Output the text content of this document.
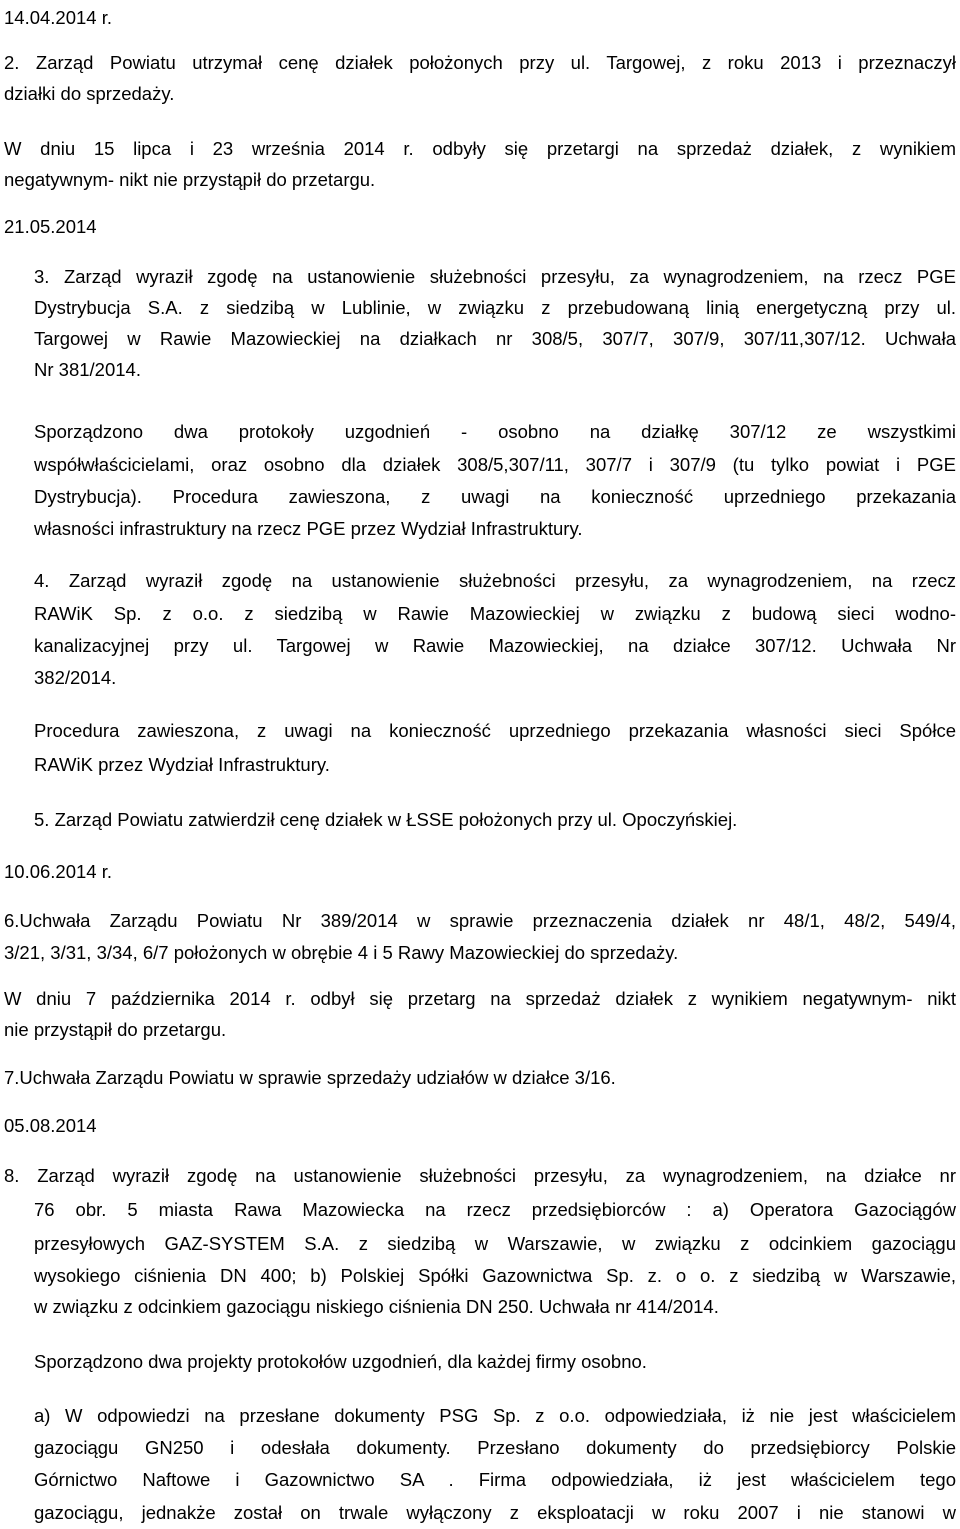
14.04.2014 r.
2. Zarząd Powiatu utrzymał cenę działek położonych przy ul. Targowej, z roku 2013 i przeznaczył
działki do sprzedaży.
W dniu 15 lipca i 23 września 2014 r. odbyły się przetargi na sprzedaż działek, z wynikiem
negatywnym- nikt nie przystąpił do przetargu.
21.05.2014
3. Zarząd wyraził zgodę na ustanowienie służebności przesyłu, za wynagrodzeniem, na rzecz PGE
Dystrybucja S.A. z siedzibą w Lublinie, w związku z przebudowaną linią energetyczną przy ul.
Targowej w Rawie Mazowieckiej na działkach nr 308/5, 307/7, 307/9, 307/11,307/12. Uchwała
Nr 381/2014.
Sporządzono dwa protokoły uzgodnień - osobno na działkę 307/12 ze wszystkimi
współwłaścicielami, oraz osobno dla działek 308/5,307/11, 307/7 i 307/9 (tu tylko powiat i PGE
Dystrybucja). Procedura zawieszona, z uwagi na konieczność uprzedniego przekazania
własności infrastruktury na rzecz PGE przez Wydział Infrastruktury.
4. Zarząd wyraził zgodę na ustanowienie służebności przesyłu, za wynagrodzeniem, na rzecz
RAWiK Sp. z o.o. z siedzibą w Rawie Mazowieckiej w związku z budową sieci wodno-
kanalizacyjnej przy ul. Targowej w Rawie Mazowieckiej, na działce 307/12. Uchwała Nr
382/2014.
Procedura zawieszona, z uwagi na konieczność uprzedniego przekazania własności sieci Spółce
RAWiK przez Wydział Infrastruktury.
5. Zarząd Powiatu zatwierdził cenę działek w ŁSSE położonych przy ul. Opoczyńskiej.
10.06.2014 r.
6.Uchwała Zarządu Powiatu Nr 389/2014 w sprawie przeznaczenia działek nr 48/1, 48/2, 549/4,
3/21, 3/31, 3/34, 6/7 położonych w obrębie 4 i 5 Rawy Mazowieckiej do sprzedaży.
W dniu 7 października 2014 r. odbył się przetarg na sprzedaż działek z wynikiem negatywnym- nikt
nie przystąpił do przetargu.
7.Uchwała Zarządu Powiatu w sprawie sprzedaży udziałów w działce 3/16.
05.08.2014
8. Zarząd wyraził zgodę na ustanowienie służebności przesyłu, za wynagrodzeniem, na działce nr
76 obr. 5 miasta Rawa Mazowiecka na rzecz przedsiębiorców : a) Operatora Gazociągów
przesyłowych GAZ-SYSTEM S.A. z siedzibą w Warszawie, w związku z odcinkiem gazociągu
wysokiego ciśnienia DN 400; b) Polskiej Spółki Gazownictwa Sp. z. o o. z siedzibą w Warszawie,
w związku z odcinkiem gazociągu niskiego ciśnienia DN 250. Uchwała nr 414/2014.
Sporządzono dwa projekty protokołów uzgodnień, dla każdej firmy osobno.
a) W odpowiedzi na przesłane dokumenty PSG Sp. z o.o. odpowiedziała, iż nie jest właścicielem
gazociągu GN250 i odesłała dokumenty. Przesłano dokumenty do przedsiębiorcy Polskie
Górnictwo Naftowe i Gazownictwo SA . Firma odpowiedziała, iż jest właścicielem tego
gazociągu, jednakże został on trwale wyłączony z eksploatacji w roku 2007 i nie stanowi w
